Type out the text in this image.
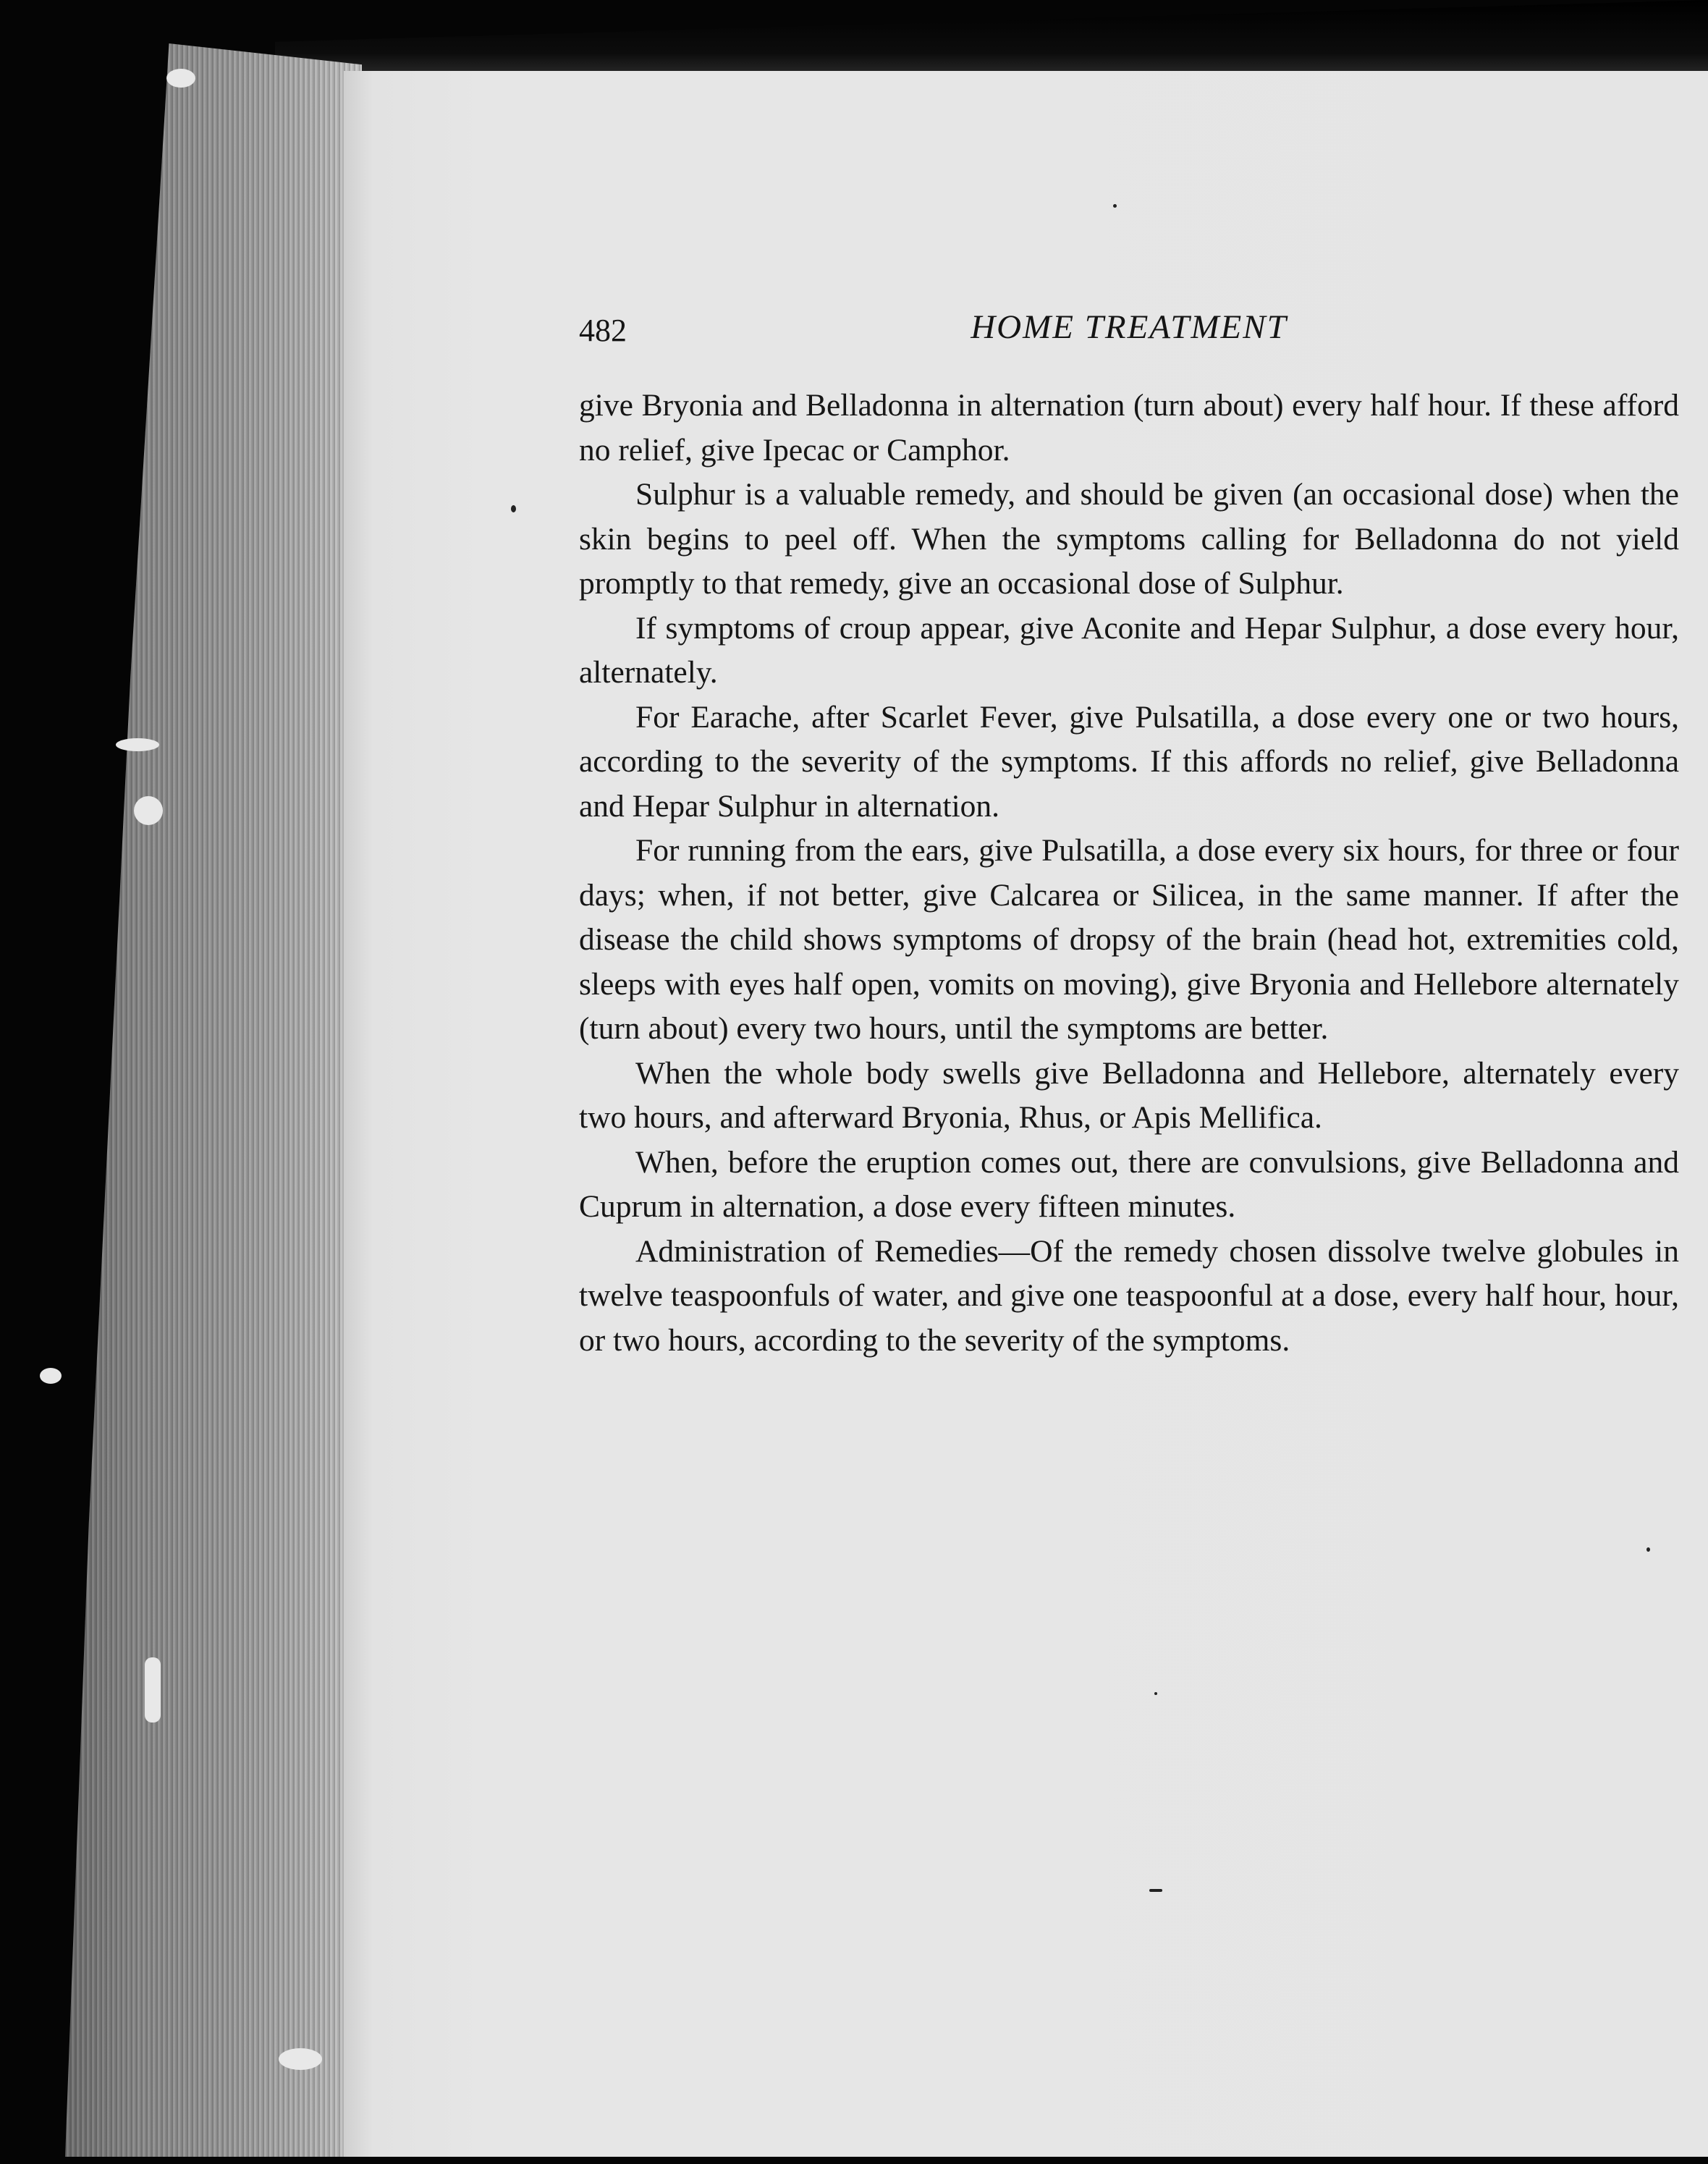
482	HOME TREATMENT

give Bryonia and Belladonna in alternation (turn about) every half hour. If these afford no relief, give Ipecac or Camphor.

Sulphur is a valuable remedy, and should be given (an occasional dose) when the skin begins to peel off. When the symptoms calling for Belladonna do not yield promptly to that remedy, give an occasional dose of Sulphur.

If symptoms of croup appear, give Aconite and Hepar Sulphur, a dose every hour, alternately.

For Earache, after Scarlet Fever, give Pulsatilla, a dose every one or two hours, according to the severity of the symptoms. If this affords no relief, give Belladonna and Hepar Sulphur in alternation.

For running from the ears, give Pulsatilla, a dose every six hours, for three or four days; when, if not better, give Calcarea or Silicea, in the same manner. If after the disease the child shows symptoms of dropsy of the brain (head hot, extremities cold, sleeps with eyes half open, vomits on moving), give Bryonia and Hellebore alternately (turn about) every two hours, until the symptoms are better.

When the whole body swells give Belladonna and Hellebore, alternately every two hours, and afterward Bryonia, Rhus, or Apis Mellifica.

When, before the eruption comes out, there are convulsions, give Belladonna and Cuprum in alternation, a dose every fifteen minutes.

Administration of Remedies—Of the remedy chosen dissolve twelve globules in twelve teaspoonfuls of water, and give one teaspoonful at a dose, every half hour, hour, or two hours, according to the severity of the symptoms.
